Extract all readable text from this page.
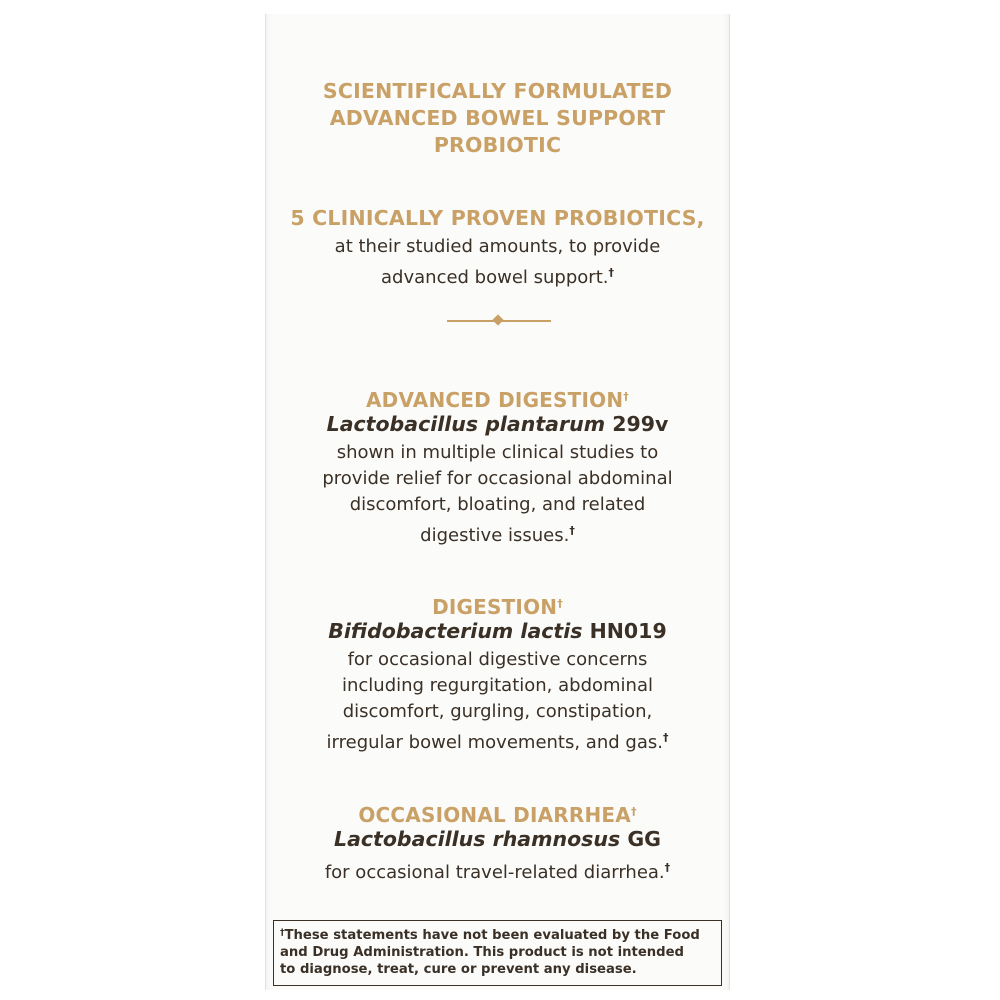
SCIENTIFICALLY FORMULATED
ADVANCED BOWEL SUPPORT
PROBIOTIC
5 CLINICALLY PROVEN PROBIOTICS,
at their studied amounts, to provide
advanced bowel support.†
ADVANCED DIGESTION†
Lactobacillus plantarum 299v
shown in multiple clinical studies to
provide relief for occasional abdominal
discomfort, bloating, and related
digestive issues.†
DIGESTION†
Bifidobacterium lactis HN019
for occasional digestive concerns
including regurgitation, abdominal
discomfort, gurgling, constipation,
irregular bowel movements, and gas.†
OCCASIONAL DIARRHEA†
Lactobacillus rhamnosus GG
for occasional travel-related diarrhea.†
†These statements have not been evaluated by the Food
and Drug Administration. This product is not intended
to diagnose, treat, cure or prevent any disease.
